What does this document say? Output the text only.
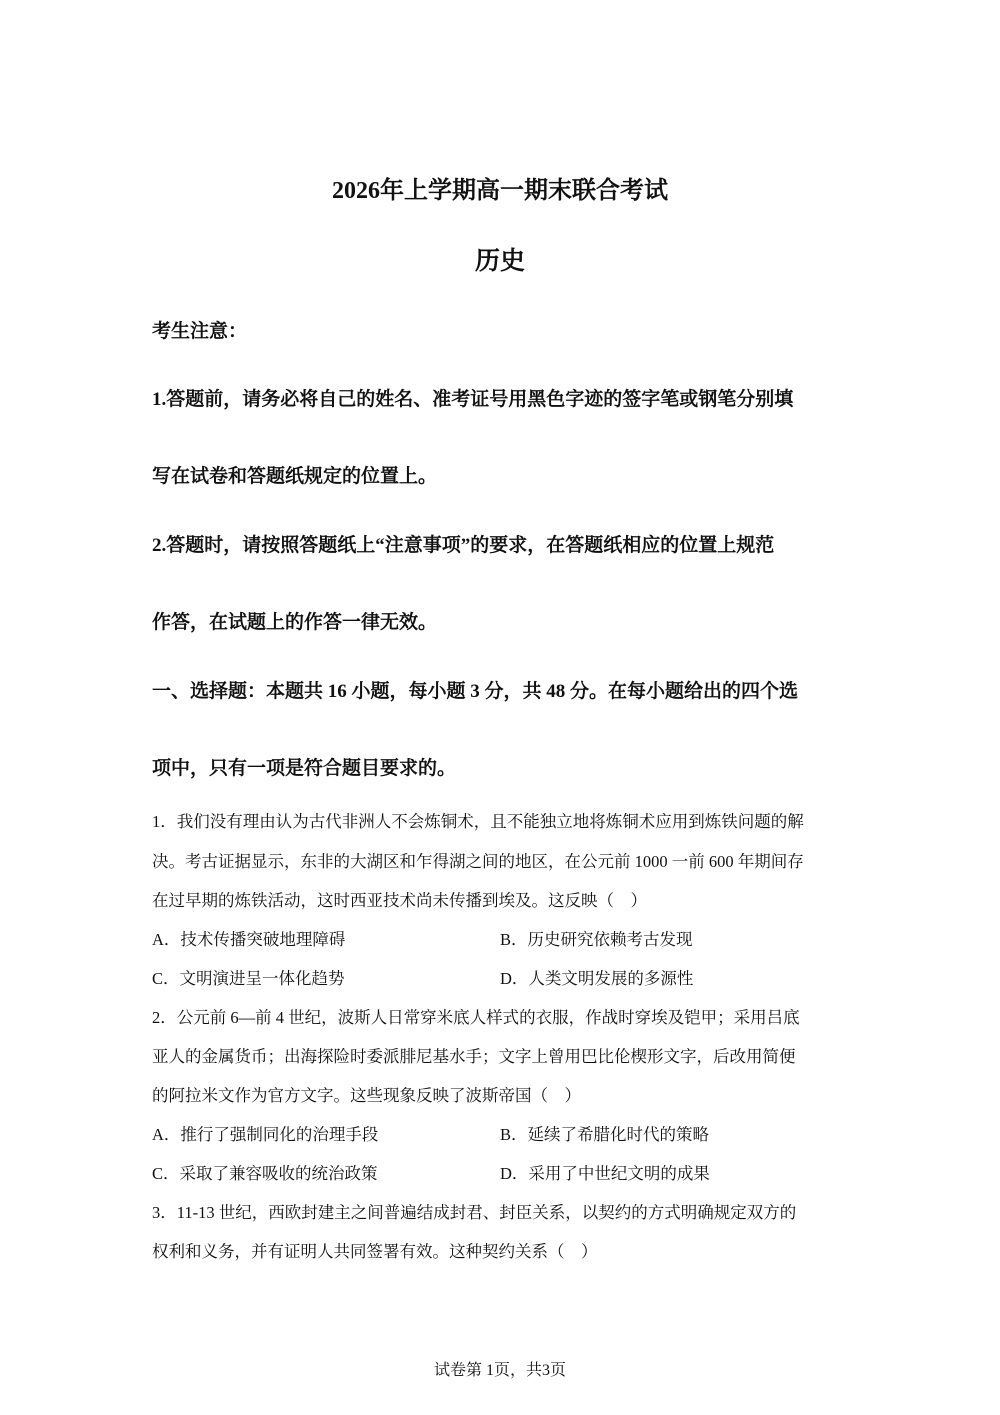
2026年上学期高一期末联合考试
历史
考生注意：
1.答题前，请务必将自己的姓名、准考证号用黑色字迹的签字笔或钢笔分别填
写在试卷和答题纸规定的位置上。
2.答题时，请按照答题纸上“注意事项”的要求，在答题纸相应的位置上规范
作答，在试题上的作答一律无效。
一、选择题：本题共 16 小题，每小题 3 分，共 48 分。在每小题给出的四个选
项中，只有一项是符合题目要求的。
1．我们没有理由认为古代非洲人不会炼铜术，且不能独立地将炼铜术应用到炼铁问题的解
决。考古证据显示，东非的大湖区和乍得湖之间的地区，在公元前 1000 一前 600 年期间存
在过早期的炼铁活动，这时西亚技术尚未传播到埃及。这反映（　）
A．技术传播突破地理障碍	B．历史研究依赖考古发现
C．文明演进呈一体化趋势	D．人类文明发展的多源性
2．公元前 6—前 4 世纪，波斯人日常穿米底人样式的衣服，作战时穿埃及铠甲；采用吕底
亚人的金属货币；出海探险时委派腓尼基水手；文字上曾用巴比伦楔形文字，后改用简便
的阿拉米文作为官方文字。这些现象反映了波斯帝国（　）
A．推行了强制同化的治理手段	B．延续了希腊化时代的策略
C．采取了兼容吸收的统治政策	D．采用了中世纪文明的成果
3．11-13 世纪，西欧封建主之间普遍结成封君、封臣关系，以契约的方式明确规定双方的
权利和义务，并有证明人共同签署有效。这种契约关系（　）
试卷第 1页，共3页
